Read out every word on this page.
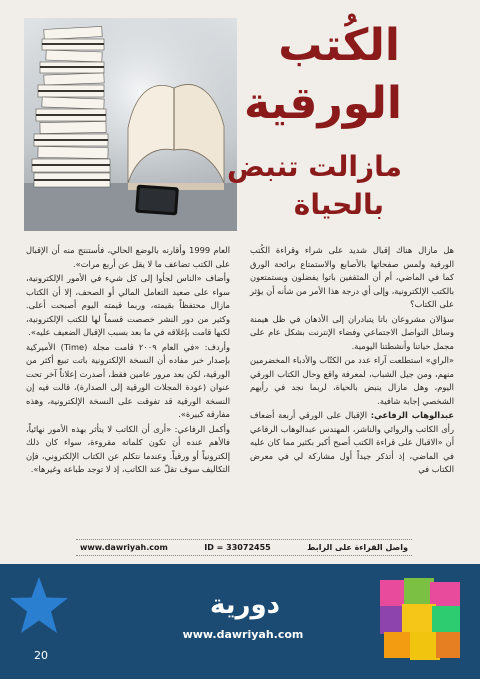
الكُتب
الورقية
مازالت تنبض
بالحياة

هل مازال هناك إقبال شديد على شراء وقراءة الكُتب الورقية ولمس صفحاتها بالأصابع والاستمتاع برائحة الورق كما في الماضي، أم أن المثقفين باتوا يفضلون ويستمتعون بالكتب الإلكترونية، وإلى أي درجة هذا الأمر من شأنه أن يؤثر على الكتاب؟

سؤالان مشروعان باتا يتبادران إلى الأذهان في ظل هيمنة وسائل التواصل الاجتماعي وفضاء الإنترنت بشكل عام على مجمل حياتنا وأنشطتنا اليومية.

«الراي» استطلعت آراء عدد من الكتّاب والأدباء المخضرمين منهم، ومن جيل الشباب، لمعرفة واقع وحال الكتاب الورقي اليوم، وهل مازال ينبض بالحياة، لربما نجد في رأيهم الشخصي إجابة شافية.

عبدالوهاب الرفاعي: الإقبال على الورقي أربعة أضعاف رأى الكاتب والروائي والناشر، المهندس عبدالوهاب الرفاعي أن «الاقبال على قراءة الكتب أصبح أكبر بكثير مما كان عليه في الماضي، إذ أتذكر جيداً أول مشاركة لي في معرض الكتاب في

العام 1999 وأقارنه بالوضع الحالي، فأستنتج منه أن الإقبال على الكتب تضاعف ما لا يقل عن أربع مرات».

وأضاف «الناس لجأوا إلى كل شيء في الأمور الإلكترونية، سواء على صعيد التعامل المالي أو الصحف، إلا أن الكتاب مازال محتفظاً بقيمته، وربما قيمته اليوم أصبحت أعلى. وكثير من دور النشر خصصت قسماً لها للكتب الإلكترونية، لكنها قامت بإغلاقه في ما بعد بسبب الإقبال الضعيف عليه».

وأردف: «في العام ٢٠٠٩ قامت مجلة (Time) الأميركية بإصدار خبر مفاده أن النسخة الإلكترونية باتت تبيع أكثر من الورقية، لكن بعد مرور عامين فقط، أصدرت إعلاناً آخر تحت عنوان (عودة المجلات الورقية إلى الصدارة)، قالت فيه إن النسخة الورقية قد تفوقت على النسخة الإلكترونية، وهذه مفارقة كبيرة».

وأكمل الرفاعي: «أرى أن الكاتب لا يتأثر بهذه الأمور نهائياً، فالأهم عنده أن تكون كلماته مقروءة، سواء كان ذلك إلكترونياً أو ورقياً. وعندما نتكلم عن الكتاب الإلكتروني، فإن التكاليف سوف تقلّ عند الكاتب، إذ لا توجد طباعة وغيرها».

www.dawriyah.com	ID = 33072455	واصل القراءة على الرابط
20
دورية
www.dawriyah.com
